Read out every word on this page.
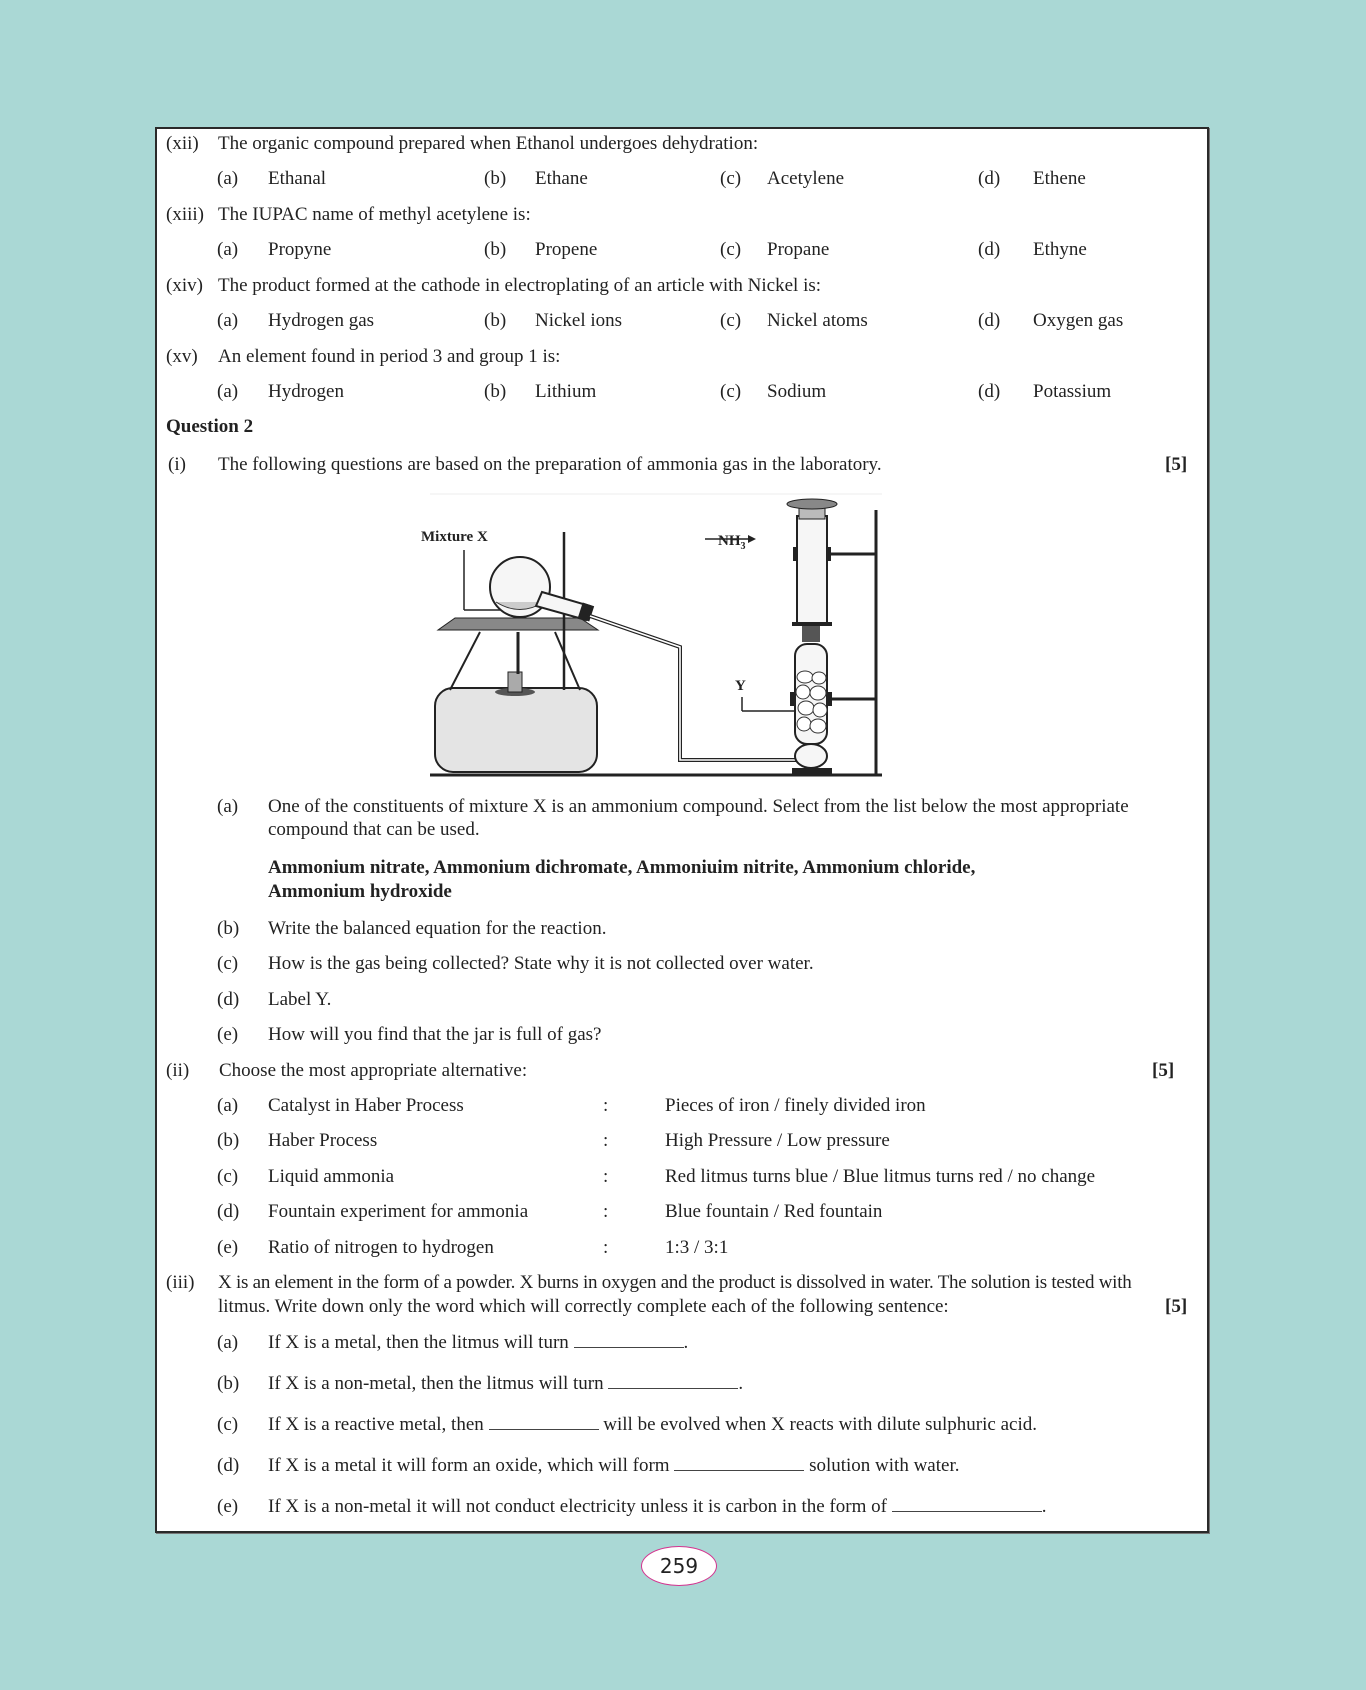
(xii) The organic compound prepared when Ethanol undergoes dehydration:
(a) Ethanal	(b) Ethane	(c) Acetylene	(d) Ethene
(xiii) The IUPAC name of methyl acetylene is:
(a) Propyne	(b) Propene	(c) Propane	(d) Ethyne
(xiv) The product formed at the cathode in electroplating of an article with Nickel is:
(a) Hydrogen gas	(b) Nickel ions	(c) Nickel atoms	(d) Oxygen gas
(xv) An element found in period 3 and group 1 is:
(a) Hydrogen	(b) Lithium	(c) Sodium	(d) Potassium
Question 2
(i) The following questions are based on the preparation of ammonia gas in the laboratory.	[5]
Mixture X	$NH_3$
Y
(a) One of the constituents of mixture X is an ammonium compound. Select from the list below the most appropriate
compound that can be used.
Ammonium nitrate, Ammonium dichromate, Ammoniuim nitrite, Ammonium chloride,
Ammonium hydroxide
(b) Write the balanced equation for the reaction.
(c) How is the gas being collected? State why it is not collected over water.
(d) Label Y.
(e) How will you find that the jar is full of gas?
(ii) Choose the most appropriate alternative:	[5]
(a) Catalyst in Haber Process	:	Pieces of iron / finely divided iron
(b) Haber Process	:	High Pressure / Low pressure
(c) Liquid ammonia	:	Red litmus turns blue / Blue litmus turns red / no change
(d) Fountain experiment for ammonia	:	Blue fountain / Red fountain
(e) Ratio of nitrogen to hydrogen	:	1:3 / 3:1
(iii) X is an element in the form of a powder. X burns in oxygen and the product is dissolved in water. The solution is tested with
litmus. Write down only the word which will correctly complete each of the following sentence:	[5]
(a) If X is a metal, then the litmus will turn	.
(b) If X is a non-metal, then the litmus will turn	.
(c) If X is a reactive metal, then	will be evolved when X reacts with dilute sulphuric acid.
(d) If X is a metal it will form an oxide, which will form	solution with water.
(e) If X is a non-metal it will not conduct electricity unless it is carbon in the form of	.
259
